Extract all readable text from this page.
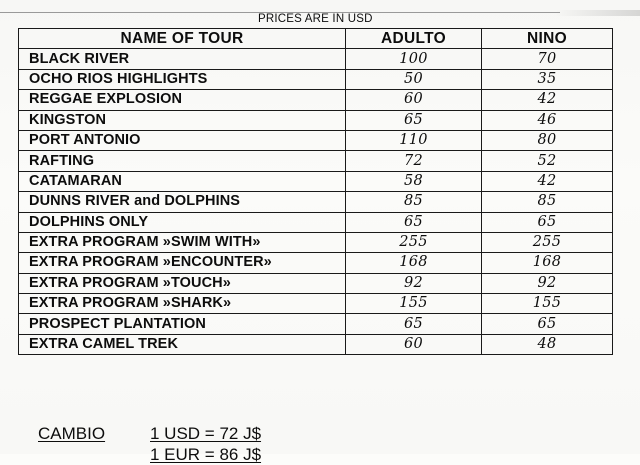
PRICES ARE IN USD
NAME OF TOUR	ADULTO	NINO
BLACK RIVER	100	70
OCHO RIOS HIGHLIGHTS	50	35
REGGAE EXPLOSION	60	42
KINGSTON	65	46
PORT ANTONIO	110	80
RAFTING	72	52
CATAMARAN	58	42
DUNNS RIVER and DOLPHINS	85	85
DOLPHINS ONLY	65	65
EXTRA PROGRAM »SWIM WITH»	255	255
EXTRA PROGRAM »ENCOUNTER»	168	168
EXTRA PROGRAM »TOUCH»	92	92
EXTRA PROGRAM »SHARK»	155	155
PROSPECT PLANTATION	65	65
EXTRA CAMEL TREK	60	48
CAMBIO	1 USD = 72 J$
1 EUR = 86 J$
